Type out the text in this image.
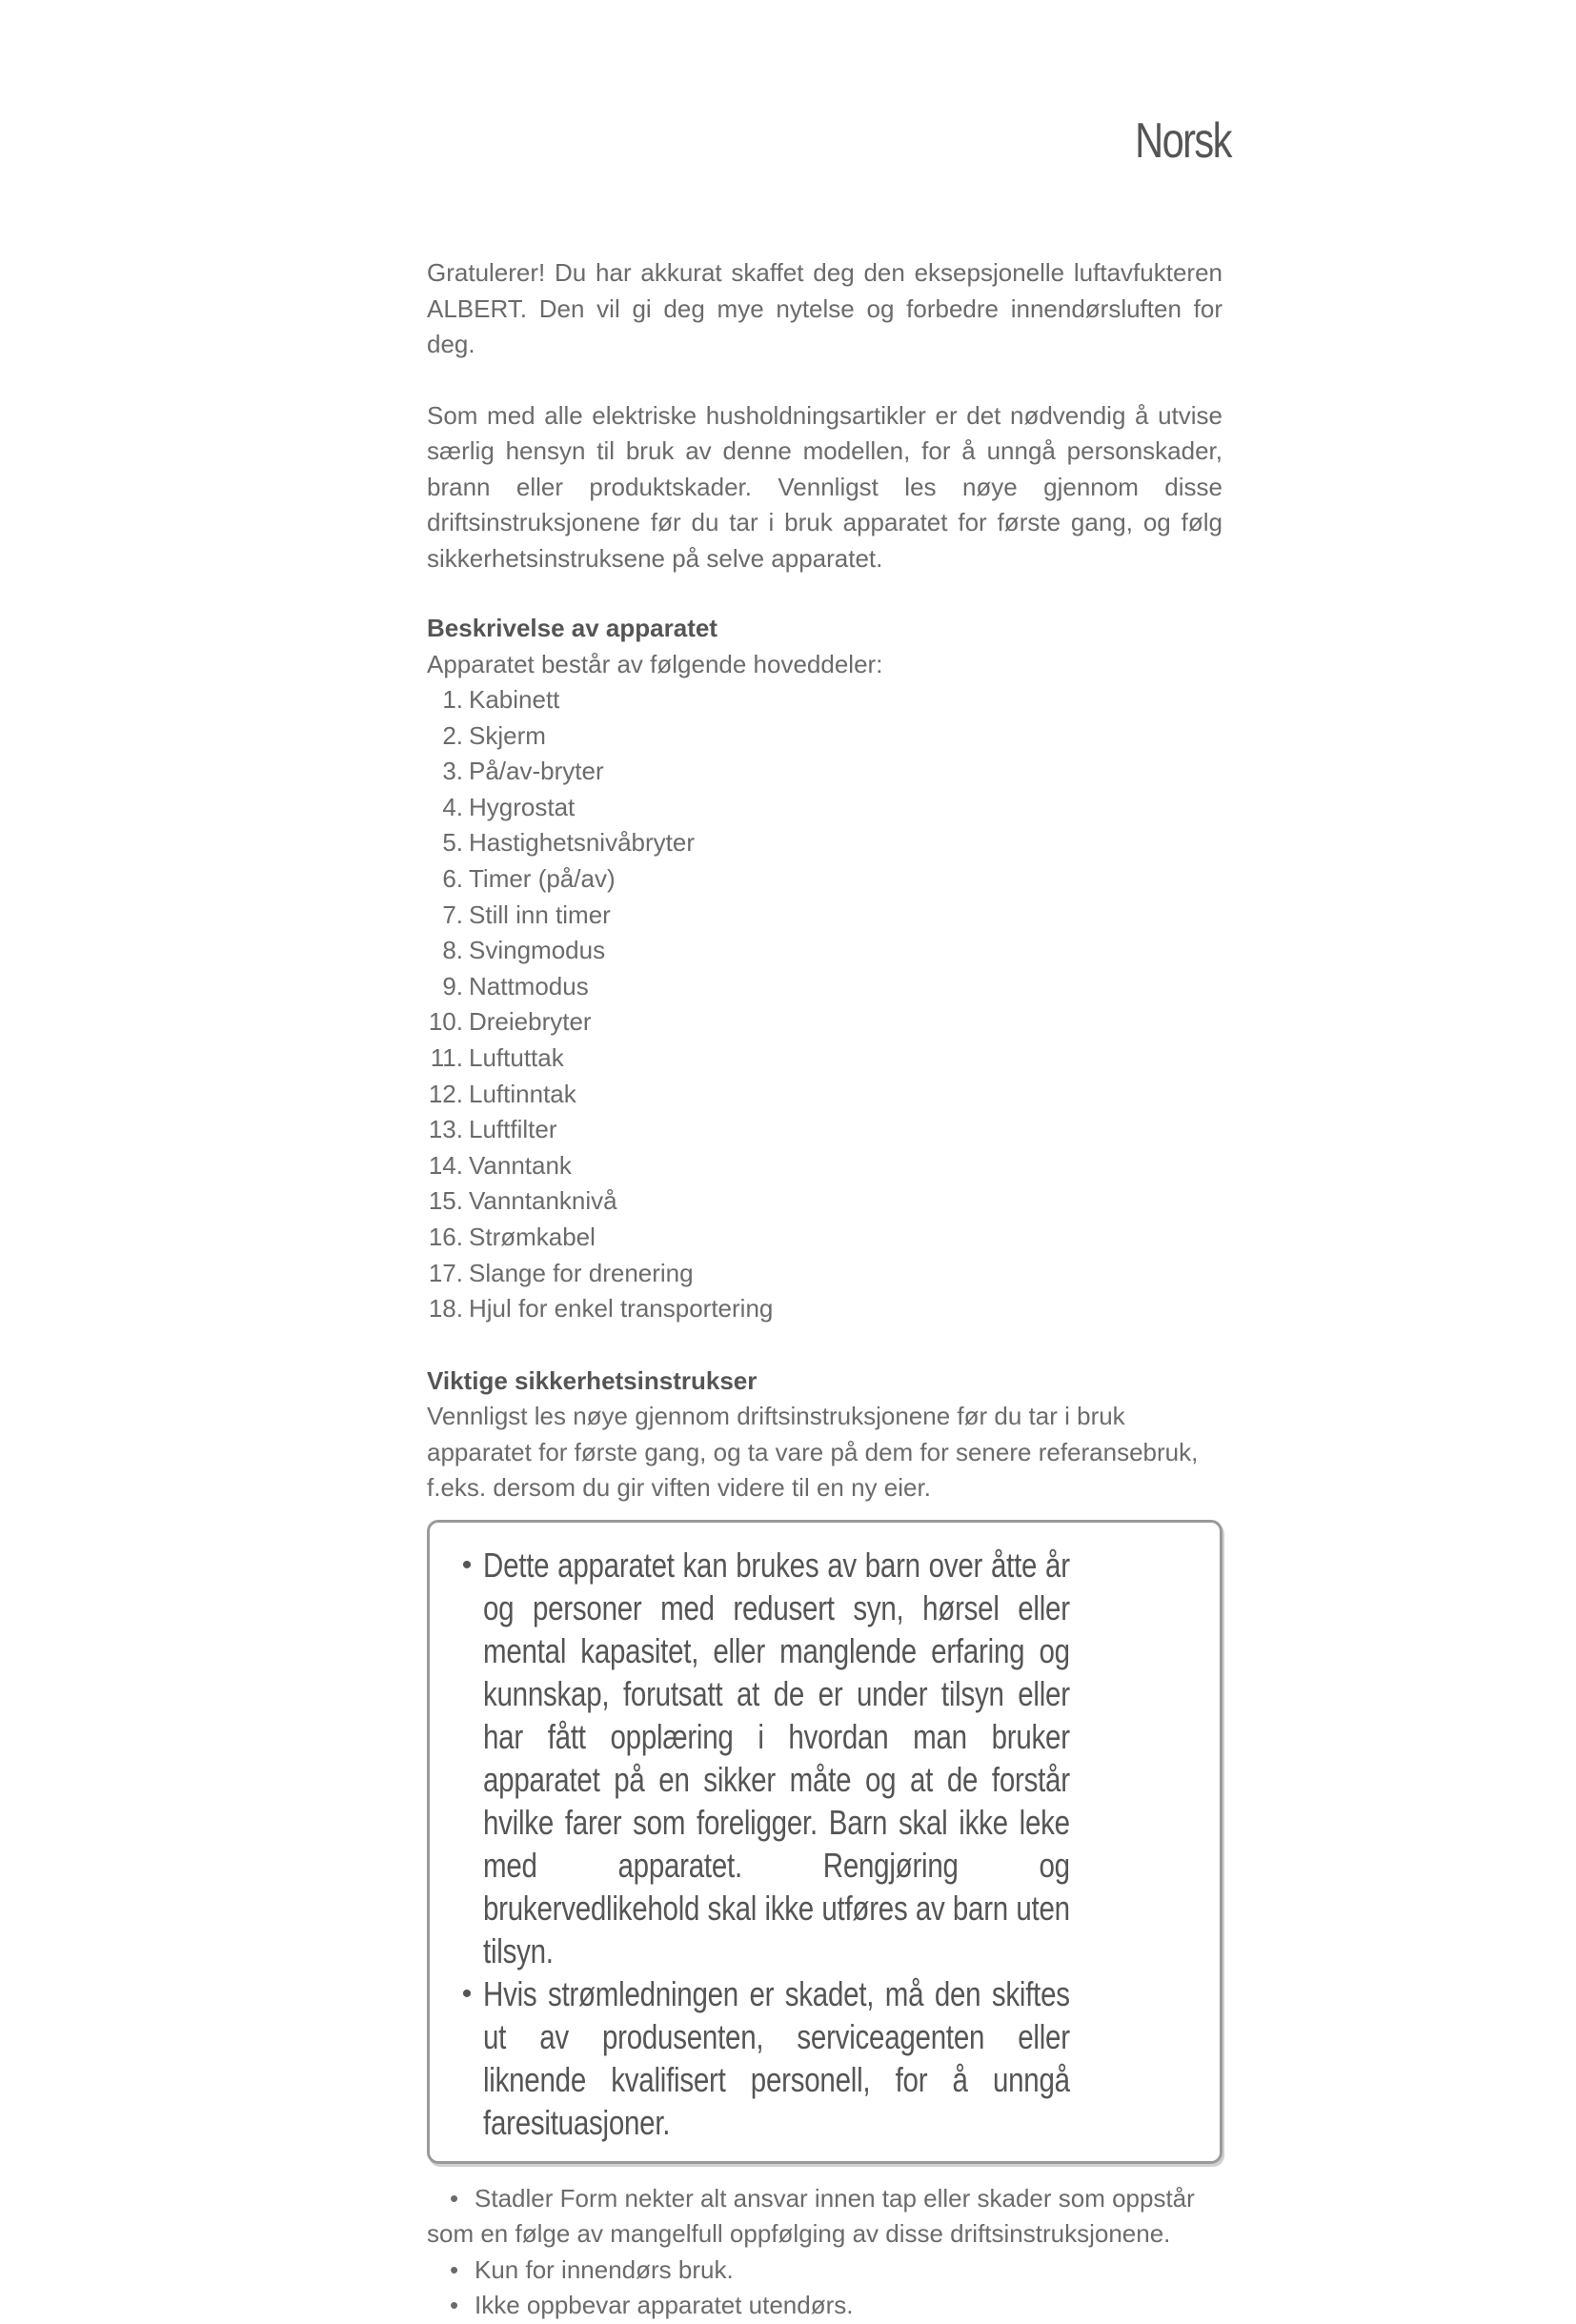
Norsk

Gratulerer! Du har akkurat skaffet deg den eksepsjonelle luftavfukteren ALBERT. Den vil gi deg mye nytelse og forbedre innendørsluften for deg.

Som med alle elektriske husholdningsartikler er det nødvendig å utvise særlig hensyn til bruk av denne modellen, for å unngå personskader, brann eller produktskader. Vennligst les nøye gjennom disse driftsinstruksjonene før du tar i bruk apparatet for første gang, og følg sikkerhetsinstruksene på selve apparatet.

Beskrivelse av apparatet

Apparatet består av følgende hoveddeler:

1. Kabinett
2. Skjerm
3. På/av-bryter
4. Hygrostat
5. Hastighetsnivåbryter
6. Timer (på/av)
7. Still inn timer
8. Svingmodus
9. Nattmodus
10. Dreiebryter
11. Luftuttak
12. Luftinntak
13. Luftfilter
14. Vanntank
15. Vanntanknivå
16. Strømkabel
17. Slange for drenering
18. Hjul for enkel transportering
Viktige sikkerhetsinstrukser

Vennligst les nøye gjennom driftsinstruksjonene før du tar i bruk apparatet for første gang, og ta vare på dem for senere referansebruk, f.eks. dersom du gir viften videre til en ny eier.

• Dette apparatet kan brukes av barn over åtte år og personer med redusert syn, hørsel eller mental kapasitet, eller manglende erfaring og kunnskap, forutsatt at de er under tilsyn eller har fått opplæring i hvordan man bruker apparatet på en sikker måte og at de forstår hvilke farer som foreligger. Barn skal ikke leke med apparatet. Rengjøring og brukervedlikehold skal ikke utføres av barn uten tilsyn.
• Hvis strømledningen er skadet, må den skiftes ut av produsenten, serviceagenten eller liknende kvalifisert personell, for å unngå faresituasjoner.
• Stadler Form nekter alt ansvar innen tap eller skader som oppstår som en følge av mangelfull oppfølging av disse driftsinstruksjonene.
• Kun for innendørs bruk.
• Ikke oppbevar apparatet utendørs.
